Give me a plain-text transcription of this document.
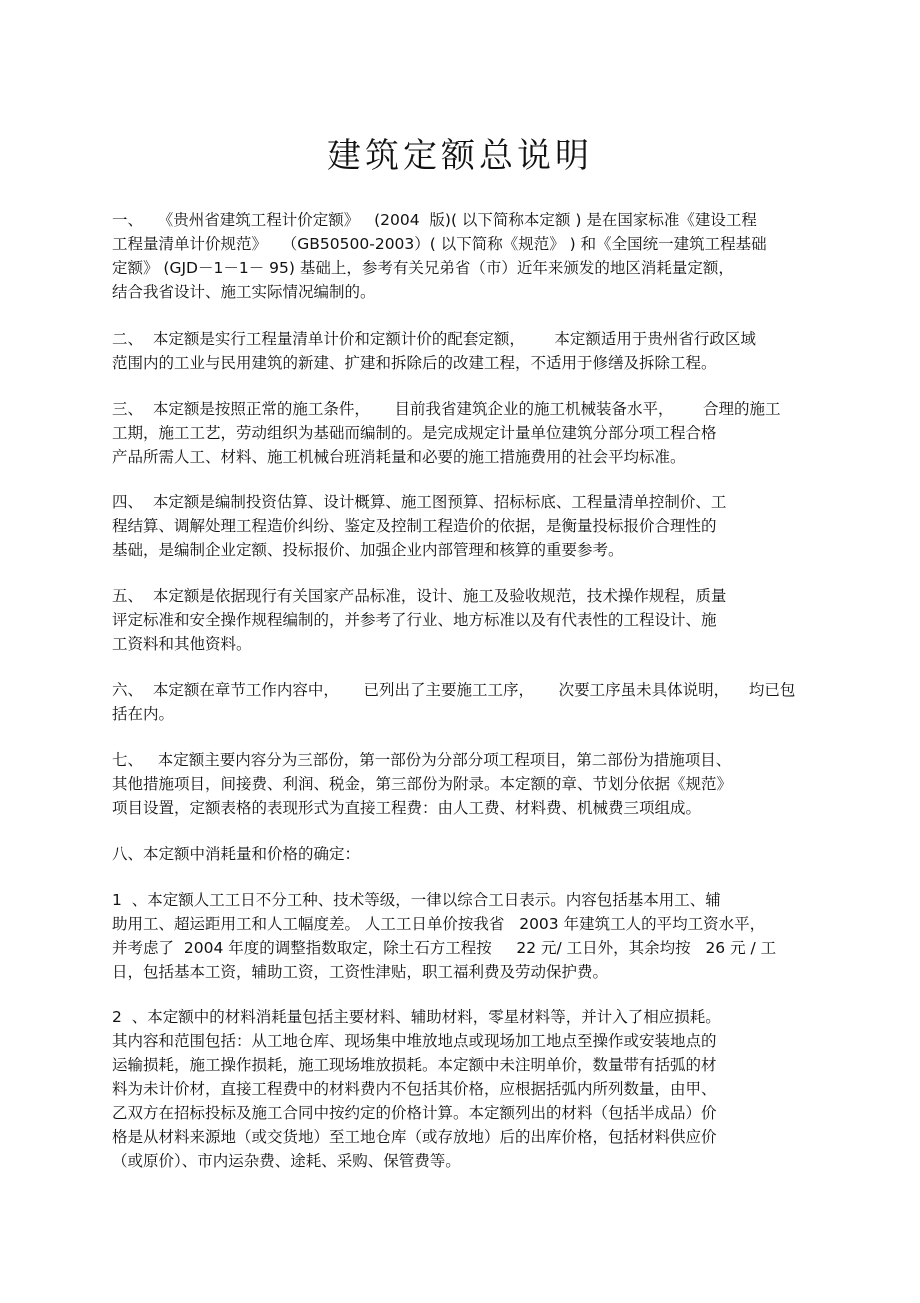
建筑定额总说明
一、   《贵州省建筑工程计价定额》   (2004  版)( 以下简称本定额 ) 是在国家标准《建设工程
工程量清单计价规范》   （GB50500-2003）( 以下简称《规范》 ) 和《全国统一建筑工程基础
定额》 (GJD－1－1－ 95) 基础上，参考有关兄弟省（市）近年来颁发的地区消耗量定额，
结合我省设计、施工实际情况编制的。
二、  本定额是实行工程量清单计价和定额计价的配套定额，      本定额适用于贵州省行政区域
范围内的工业与民用建筑的新建、扩建和拆除后的改建工程，不适用于修缮及拆除工程。
三、  本定额是按照正常的施工条件，     目前我省建筑企业的施工机械装备水平，      合理的施工
工期，施工工艺，劳动组织为基础而编制的。是完成规定计量单位建筑分部分项工程合格
产品所需人工、材料、施工机械台班消耗量和必要的施工措施费用的社会平均标准。
四、  本定额是编制投资估算、设计概算、施工图预算、招标标底、工程量清单控制价、工
程结算、调解处理工程造价纠纷、鉴定及控制工程造价的依据，是衡量投标报价合理性的
基础，是编制企业定额、投标报价、加强企业内部管理和核算的重要参考。
五、  本定额是依据现行有关国家产品标准，设计、施工及验收规范，技术操作规程，质量
评定标准和安全操作规程编制的，并参考了行业、地方标准以及有代表性的工程设计、施
工资料和其他资料。
六、  本定额在章节工作内容中，     已列出了主要施工工序，     次要工序虽未具体说明，    均已包
括在内。
七、   本定额主要内容分为三部份，第一部份为分部分项工程项目，第二部份为措施项目、
其他措施项目，间接费、利润、税金，第三部份为附录。本定额的章、节划分依据《规范》
项目设置，定额表格的表现形式为直接工程费：由人工费、材料费、机械费三项组成。
八、本定额中消耗量和价格的确定：
1  、本定额人工工日不分工种、技术等级，一律以综合工日表示。内容包括基本用工、辅
助用工、超运距用工和人工幅度差。 人工工日单价按我省   2003 年建筑工人的平均工资水平，
并考虑了  2004 年度的调整指数取定，除土石方工程按     22 元/ 工日外，其余均按   26 元 / 工
日，包括基本工资，辅助工资，工资性津贴，职工福利费及劳动保护费。
2  、本定额中的材料消耗量包括主要材料、辅助材料，零星材料等，并计入了相应损耗。
其内容和范围包括：从工地仓库、现场集中堆放地点或现场加工地点至操作或安装地点的
运输损耗，施工操作损耗，施工现场堆放损耗。本定额中未注明单价，数量带有括弧的材
料为未计价材，直接工程费中的材料费内不包括其价格，应根据括弧内所列数量，由甲、
乙双方在招标投标及施工合同中按约定的价格计算。本定额列出的材料（包括半成品）价
格是从材料来源地（或交货地）至工地仓库（或存放地）后的出库价格，包括材料供应价
（或原价）、市内运杂费、途耗、采购、保管费等。
